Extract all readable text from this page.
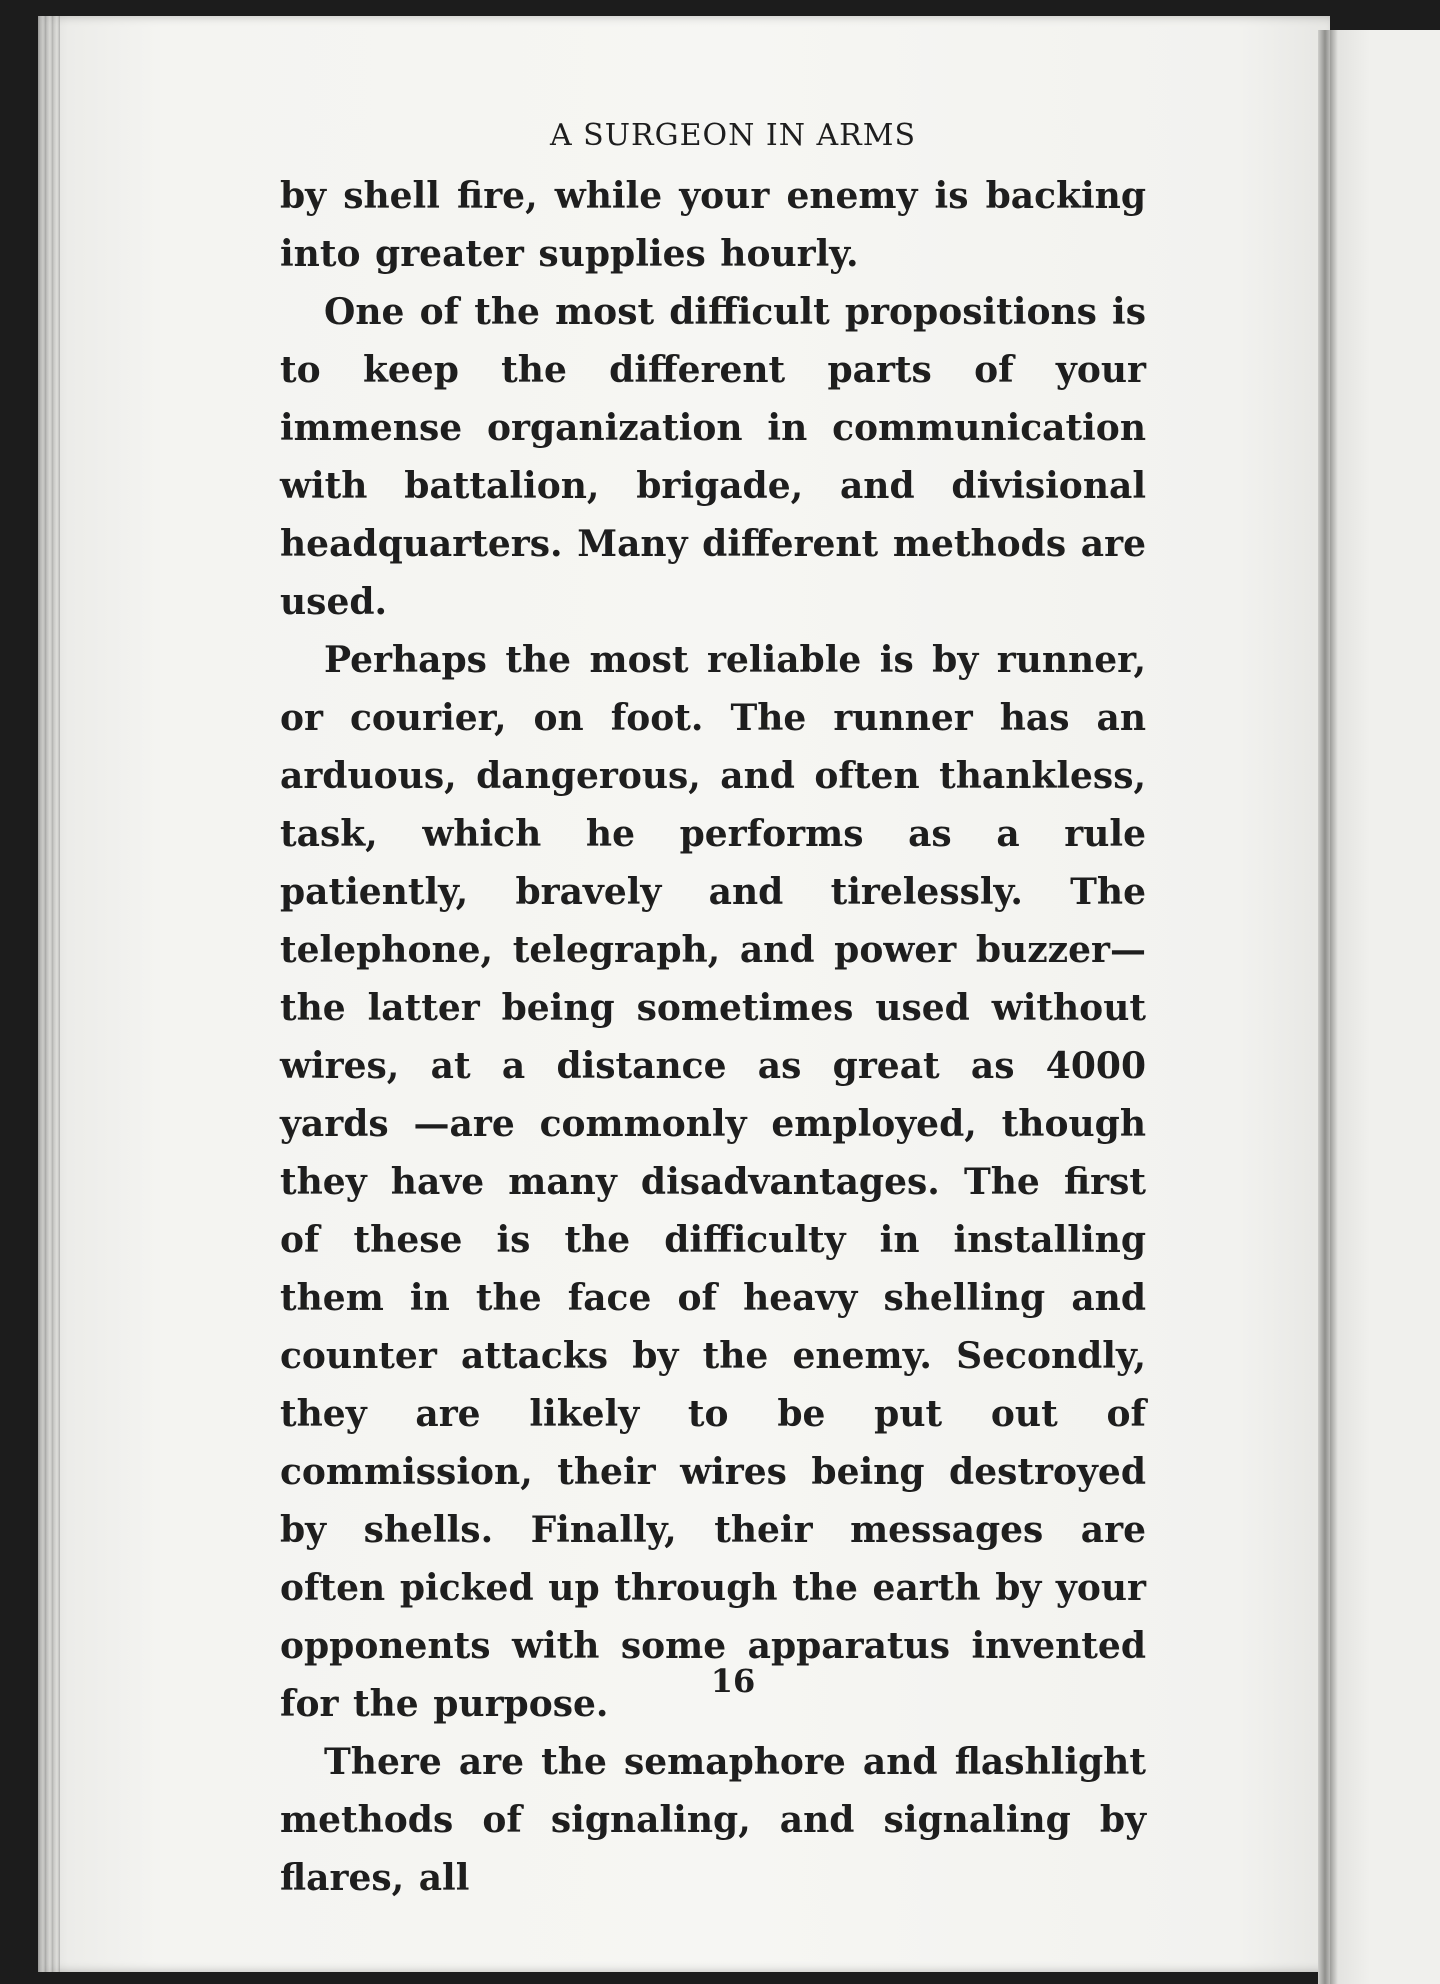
A SURGEON IN ARMS

by shell fire, while your enemy is backing into greater supplies hourly.

One of the most difficult propositions is to keep the different parts of your immense organization in communication with battalion, brigade, and divisional headquarters. Many different methods are used.

Perhaps the most reliable is by runner, or courier, on foot. The runner has an arduous, dangerous, and often thankless, task, which he performs as a rule patiently, bravely and tirelessly. The telephone, telegraph, and power buzzer—the latter being sometimes used without wires, at a distance as great as 4000 yards —are commonly employed, though they have many disadvantages. The first of these is the difficulty in installing them in the face of heavy shelling and counter attacks by the enemy. Secondly, they are likely to be put out of commission, their wires being destroyed by shells. Finally, their messages are often picked up through the earth by your opponents with some apparatus invented for the purpose.

There are the semaphore and flashlight methods of signaling, and signaling by flares, all

16
